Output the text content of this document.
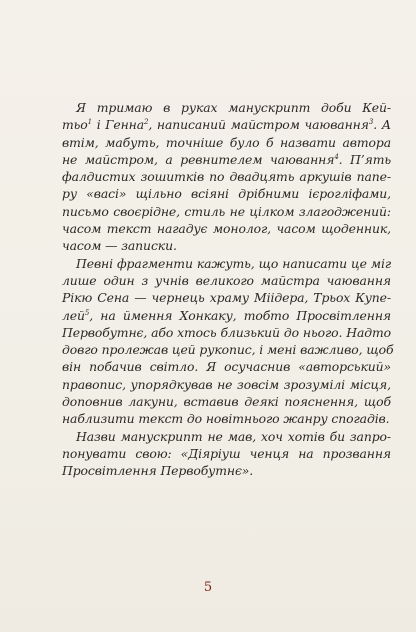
Я тримаю в руках манускрипт доби Кей-
тьо$^1$ і Генна$^2$, написаний майстром чаювання$^3$. А
втім, мабуть, точніше було б назвати автора
не майстром, а ревнителем чаювання$^4$. П’ять
фалдистих зошитків по двадцять аркушів папе-
ру «васі» щільно всіяні дрібними ієрогліфами,
письмо своєрідне, стиль не цілком злагоджений:
часом текст нагадує монолог, часом щоденник,
часом — записки.
Певні фрагменти кажуть, що написати це міг
лише один з учнів великого майстра чаювання
Рікю Сена — чернець храму Міідера, Трьох Купе-
лей$^5$, на ймення Хонкаку, тобто Просвітлення
Первобутнє, або хтось близький до нього. Надто
довго пролежав цей рукопис, і мені важливо, щоб
він побачив світло. Я осучаснив «авторський»
правопис, упорядкував не зовсім зрозумілі місця,
доповнив лакуни, вставив деякі пояснення, щоб
наблизити текст до новітнього жанру спогадів.
Назви манускрипт не мав, хоч хотів би запро-
понувати свою: «Діяріуш ченця на прозвання
Просвітлення Первобутнє».
5
